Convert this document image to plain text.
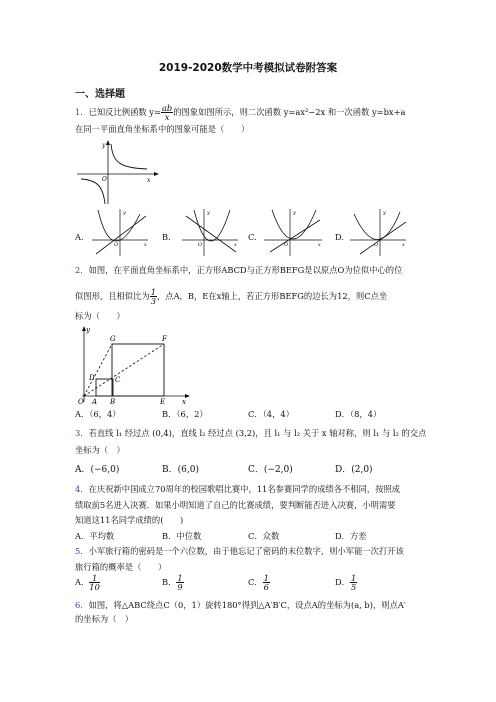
2019-2020数学中考模拟试卷附答案
一、选择题
1．已知反比例函数 $y= \frac{ab}{x}$ 的图象如图所示，则二次函数 y=ax²−2x 和一次函数 y=bx+a
在同一平面直角坐标系中的图象可能是（　　）
y
x
O
A.
y
x
O
B.
y
x
O
C.
y
x
O
D.
y
x
O
2．如图，在平面直角坐标系中，正方形ABCD与正方形BEFG是以原点O为位似中心的位
似图形，且相似比为 $\frac{1}{3}$ ，点A，B，E在x轴上，若正方形BEFG的边长为12，则C点坐
标为（　　）
y
G	F
D	C
O A B	E x
A．（6，4）	B．（6，2）	C．（4，4）	D．（8，4）
3．若直线 l₁ 经过点 (0,4)，直线 l₂ 经过点 (3,2)，且 l₁ 与 l₂ 关于 x 轴对称，则 l₁ 与 l₂ 的交点
坐标为（　）
A．(−6,0)	B．(6,0)	C．(−2,0)	D．(2,0)
4．在庆祝新中国成立70周年的校园歌唱比赛中，11名参赛同学的成绩各不相同，按照成
绩取前5名进入决赛．如果小明知道了自己的比赛成绩，要判断能否进入决赛，小明需要
知道这11名同学成绩的(　　)
A．平均数	B．中位数	C．众数	D．方差
5．小军旅行箱的密码是一个六位数，由于他忘记了密码的末位数字，则小军能一次打开该
旅行箱的概率是（　　）
A． $\frac{1}{10}$	B． $\frac{1}{9}$	C． $\frac{1}{6}$	D． $\frac{1}{5}$
6．如图，将△ABC绕点C（0，1）旋转180°得到△A′B′C，设点A的坐标为(a, b)，则点A′
的坐标为（　）
